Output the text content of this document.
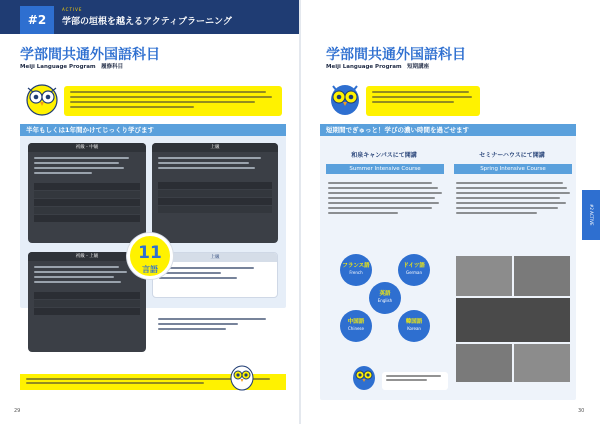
#2
ACTIVE
学部の垣根を越えるアクティブラーニング
学部間共通外国語科目
Meiji Language Program　履修科目
半年もしくは1年間かけてじっくり学びます
初級・中級	上級
初級・上級	上級
11
言語
29
学部間共通外国語科目
Meiji Language Program　短期講座
短期間でぎゅっと！学びの濃い時間を過ごせます
和泉キャンパスにて開講	セミナーハウスにて開講
Summer Intensive Course	Spring Intensive Course
フランス語
French
ドイツ語
German
英語
English
中国語
Chinese
韓国語
Korean
30
#2 ACTIVE
